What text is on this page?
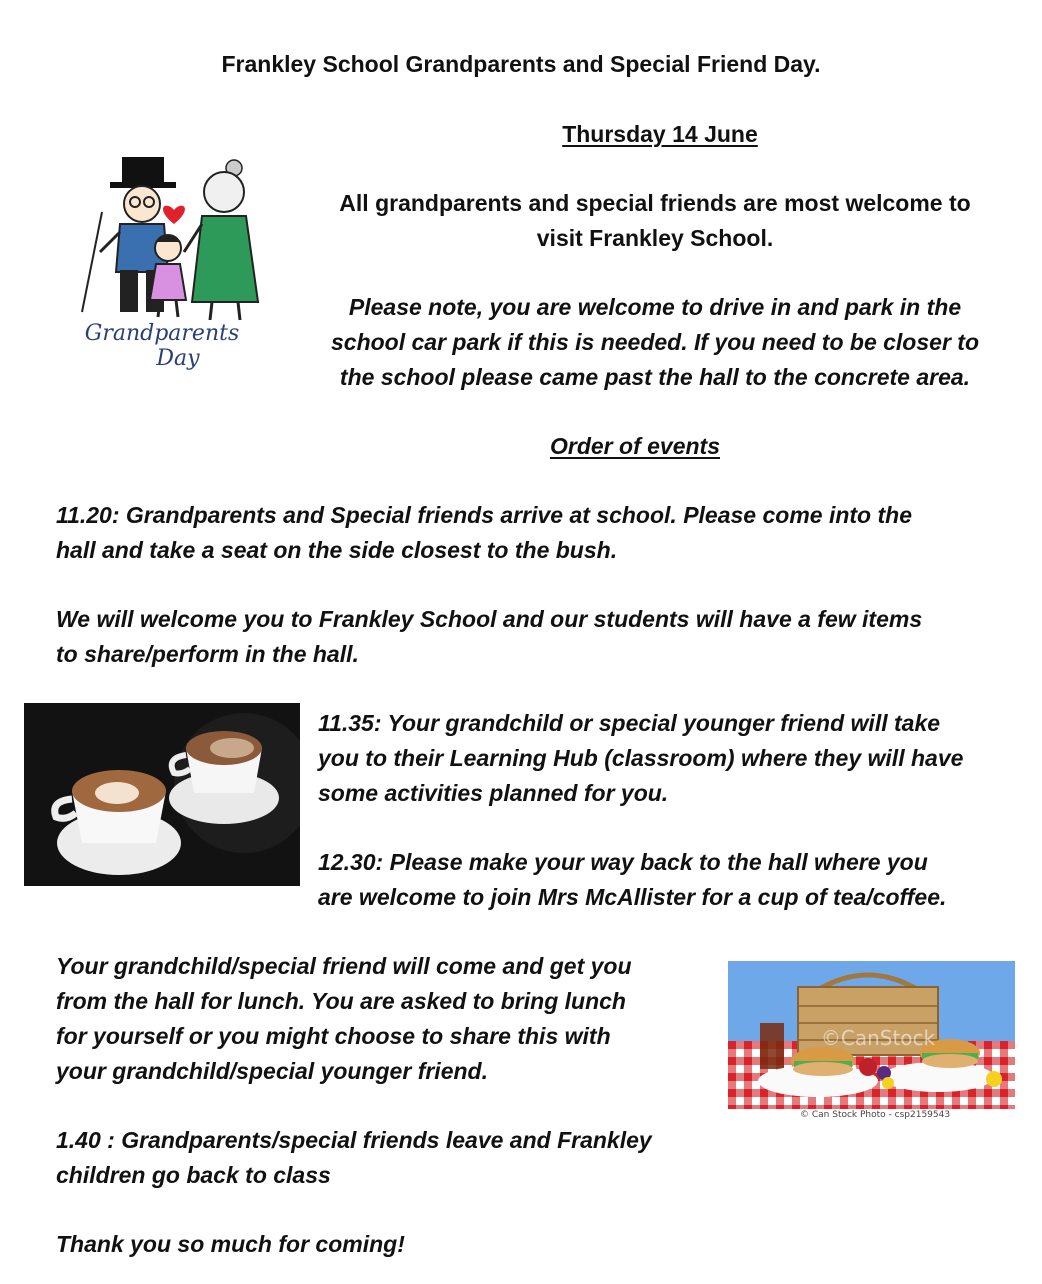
Frankley School Grandparents and Special Friend Day.
Thursday 14 June
Grandparents
Day
All grandparents and special friends are most welcome to
visit Frankley School.
Please note, you are welcome to drive in and park in the
school car park if this is needed. If you need to be closer to
the school please came past the hall to the concrete area.
Order of events
11.20: Grandparents and Special friends arrive at school. Please come into the
hall and take a seat on the side closest to the bush.
We will welcome you to Frankley School and our students will have a few items
to share/perform in the hall.
11.35: Your grandchild or special younger friend will take
you to their Learning Hub (classroom) where they will have
some activities planned for you.
12.30: Please make your way back to the hall where you
are welcome to join Mrs McAllister for a cup of tea/coffee.
Your grandchild/special friend will come and get you
from the hall for lunch. You are asked to bring lunch
for yourself or you might choose to share this with
your grandchild/special younger friend.
©CanStock
© Can Stock Photo - csp2159543
1.40 : Grandparents/special friends leave and Frankley
children go back to class
Thank you so much for coming!
